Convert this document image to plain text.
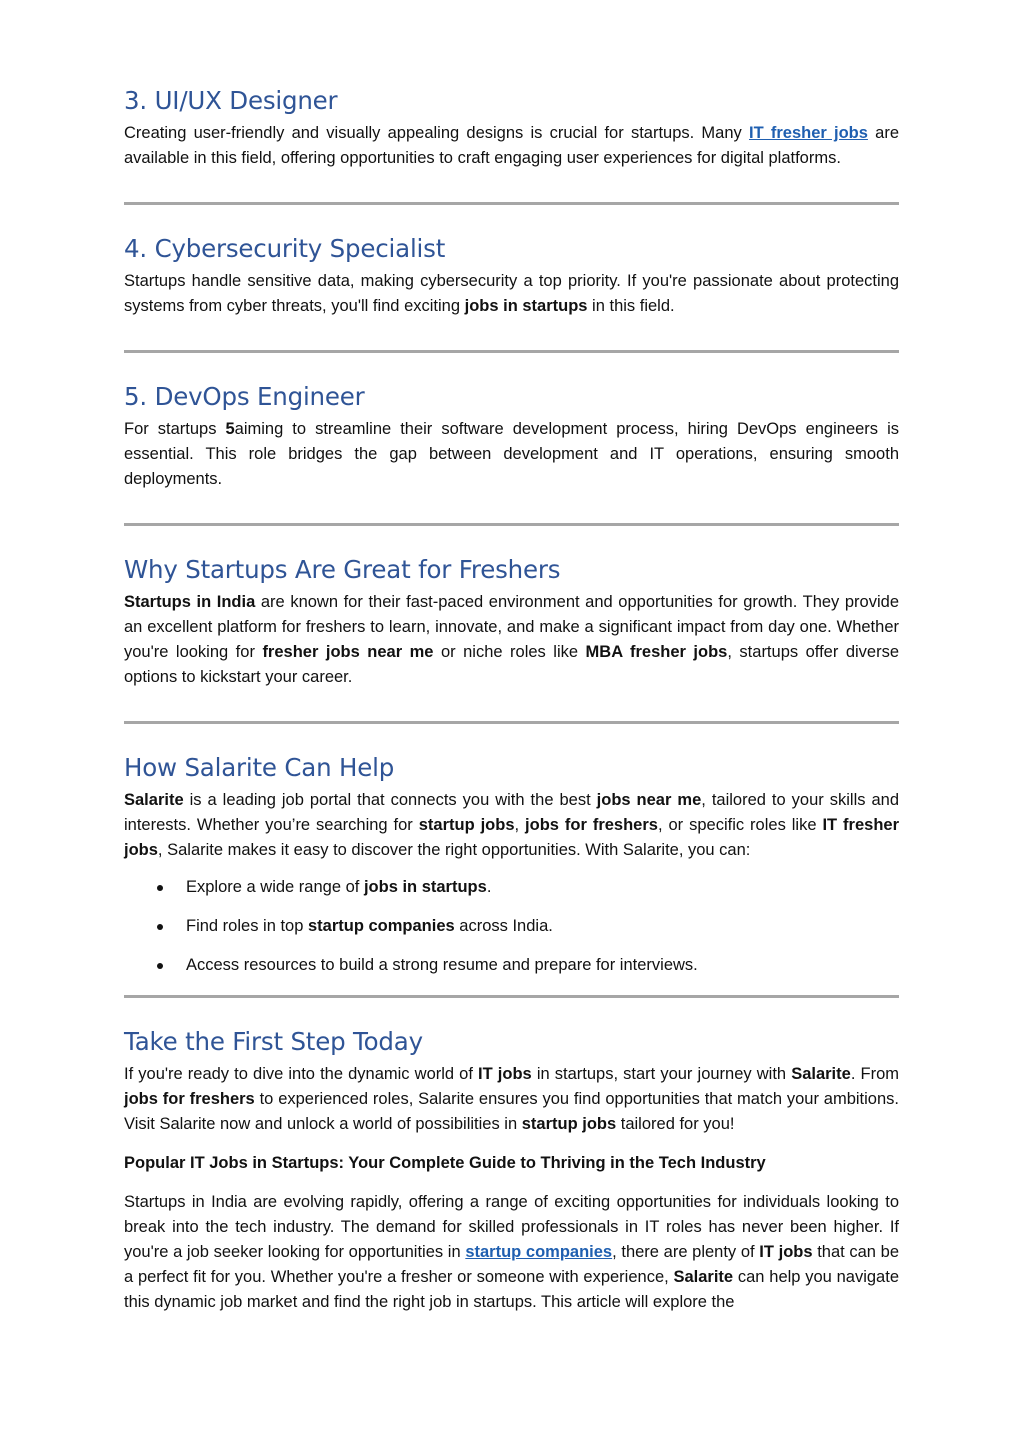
3. UI/UX Designer

Creating user-friendly and visually appealing designs is crucial for startups. Many IT fresher jobs are available in this field, offering opportunities to craft engaging user experiences for digital platforms.

4. Cybersecurity Specialist

Startups handle sensitive data, making cybersecurity a top priority. If you're passionate about protecting systems from cyber threats, you'll find exciting jobs in startups in this field.

5. DevOps Engineer

For startups 5aiming to streamline their software development process, hiring DevOps engineers is essential. This role bridges the gap between development and IT operations, ensuring smooth deployments.

Why Startups Are Great for Freshers

Startups in India are known for their fast-paced environment and opportunities for growth. They provide an excellent platform for freshers to learn, innovate, and make a significant impact from day one. Whether you're looking for fresher jobs near me or niche roles like MBA fresher jobs, startups offer diverse options to kickstart your career.

How Salarite Can Help

Salarite is a leading job portal that connects you with the best jobs near me, tailored to your skills and interests. Whether you’re searching for startup jobs, jobs for freshers, or specific roles like IT fresher jobs, Salarite makes it easy to discover the right opportunities. With Salarite, you can:

Explore a wide range of jobs in startups.
Find roles in top startup companies across India.
Access resources to build a strong resume and prepare for interviews.
Take the First Step Today

If you're ready to dive into the dynamic world of IT jobs in startups, start your journey with Salarite. From jobs for freshers to experienced roles, Salarite ensures you find opportunities that match your ambitions. Visit Salarite now and unlock a world of possibilities in startup jobs tailored for you!

Popular IT Jobs in Startups: Your Complete Guide to Thriving in the Tech Industry

Startups in India are evolving rapidly, offering a range of exciting opportunities for individuals looking to break into the tech industry. The demand for skilled professionals in IT roles has never been higher. If you're a job seeker looking for opportunities in startup companies, there are plenty of IT jobs that can be a perfect fit for you. Whether you're a fresher or someone with experience, Salarite can help you navigate this dynamic job market and find the right job in startups. This article will explore the
